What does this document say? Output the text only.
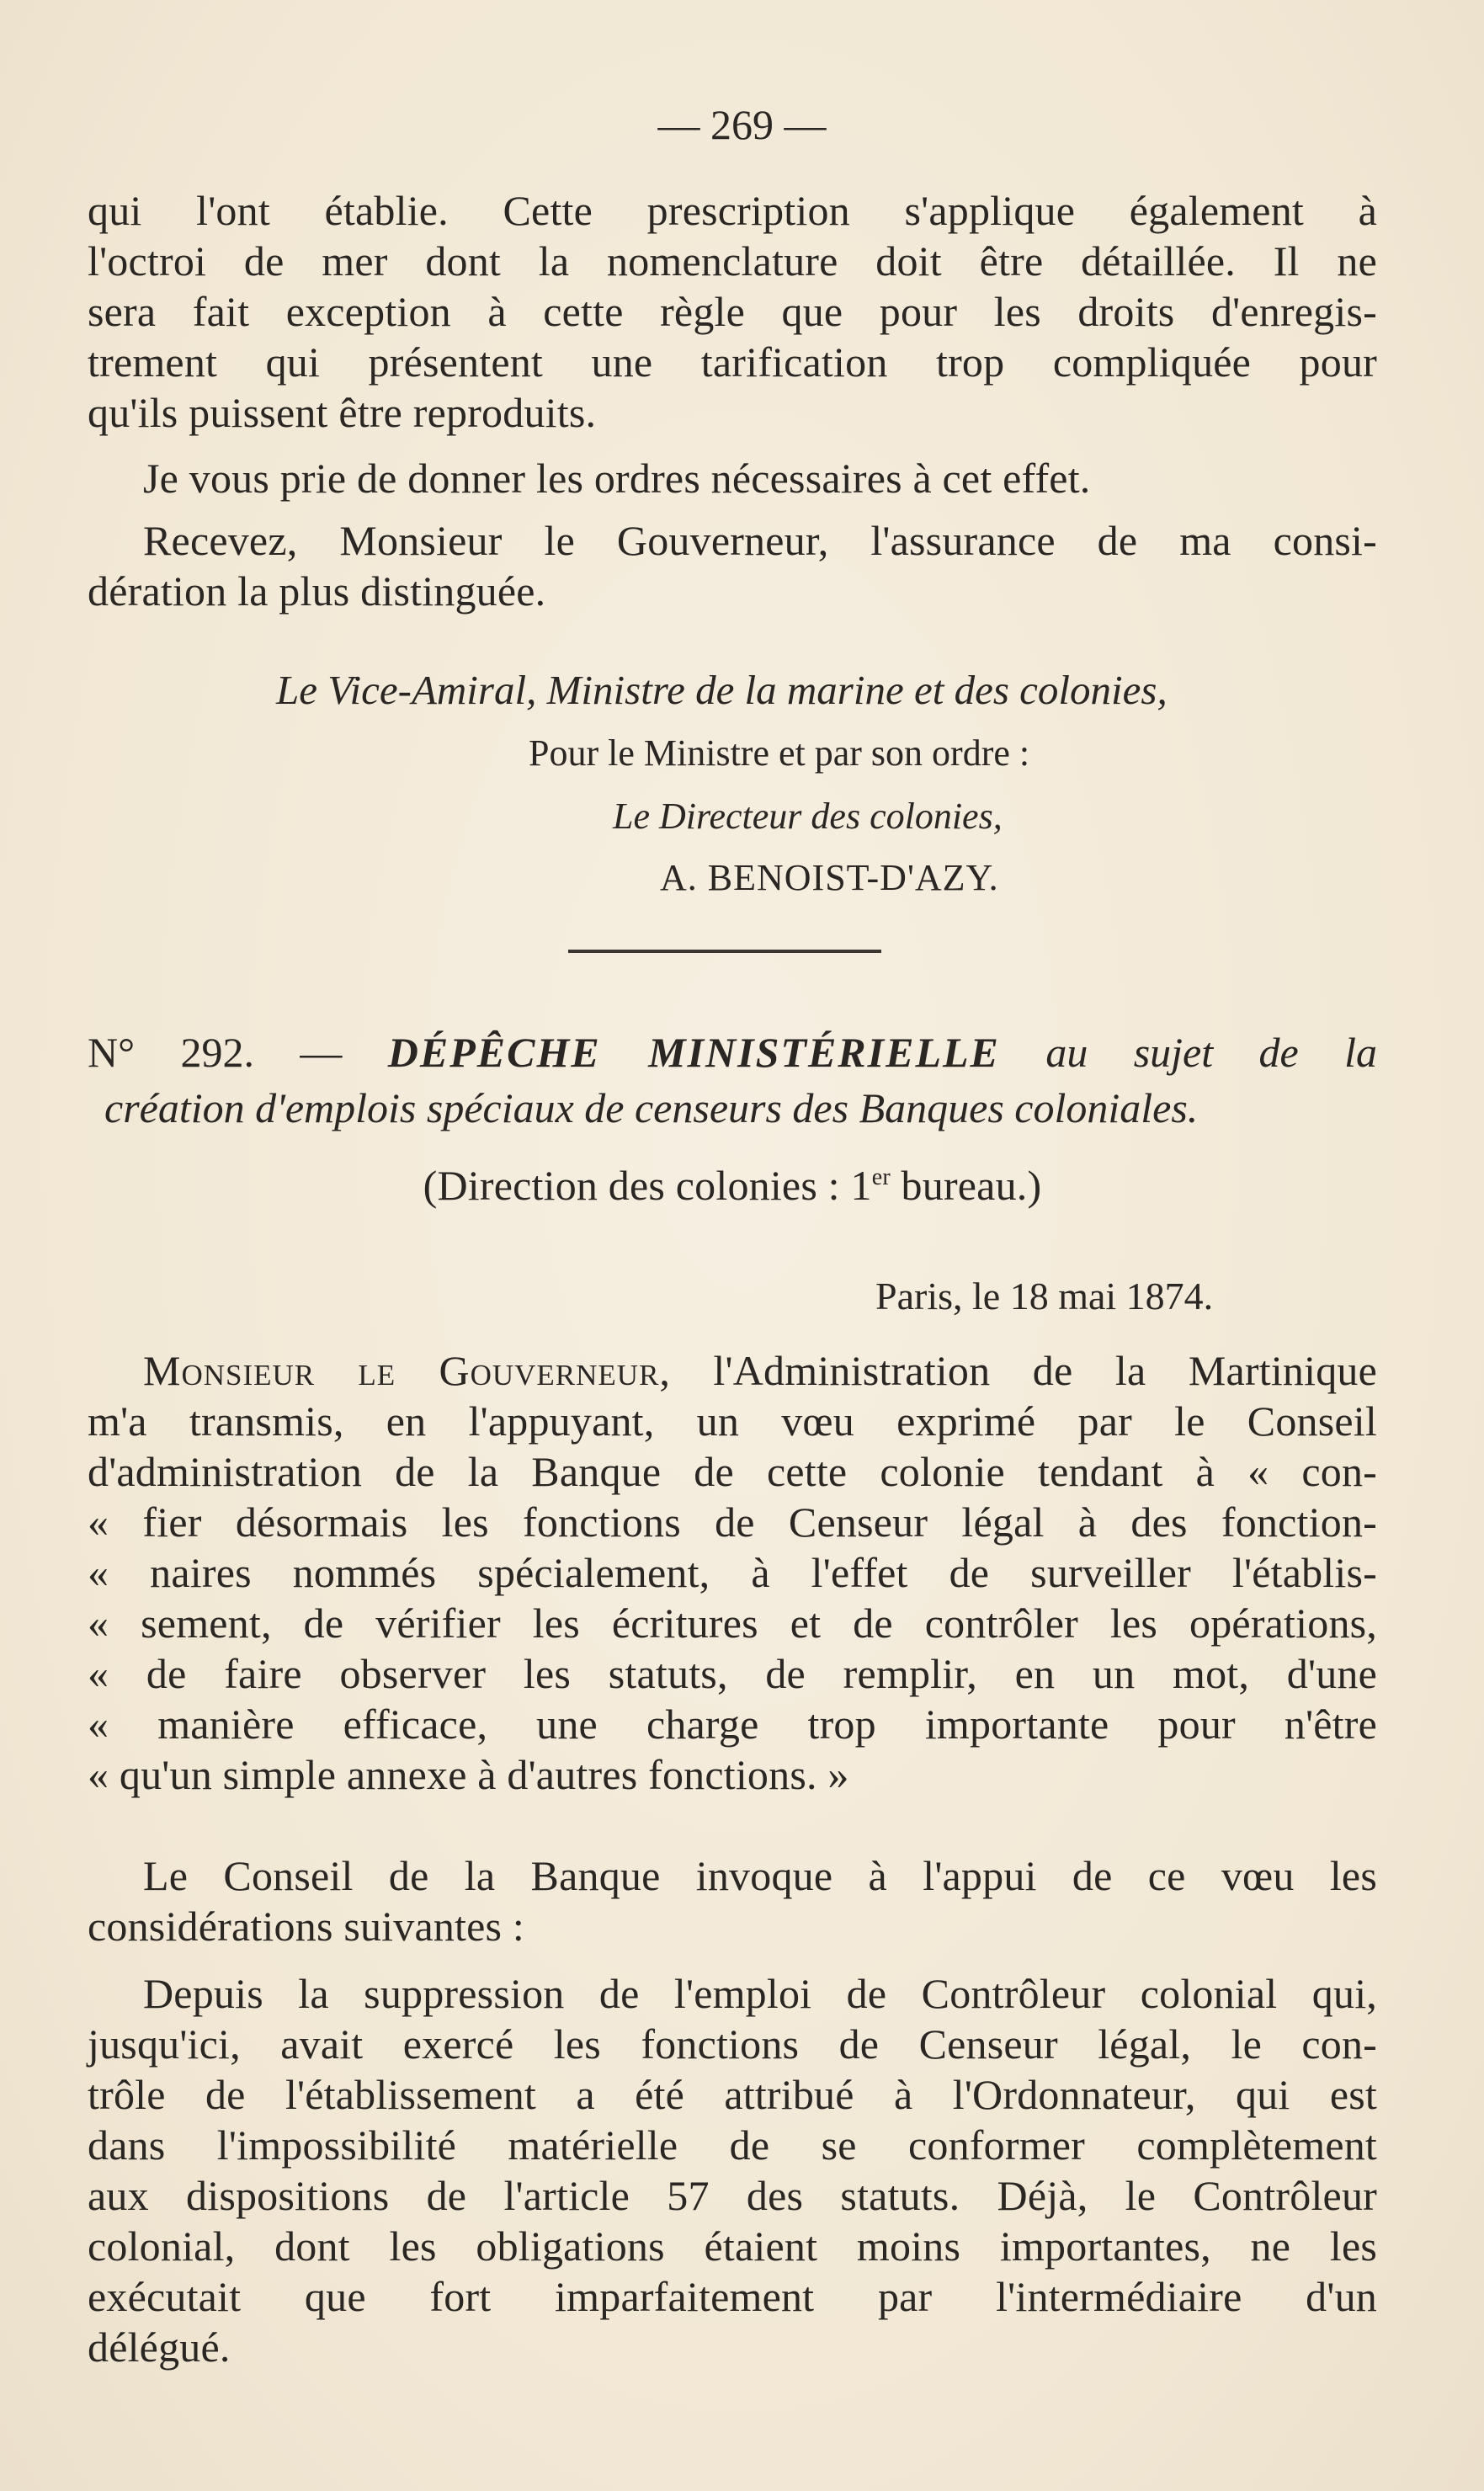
— 269 —
qui l'ont établie. Cette prescription s'applique également à
l'octroi de mer dont la nomenclature doit être détaillée. Il ne
sera fait exception à cette règle que pour les droits d'enregis-
trement qui présentent une tarification trop compliquée pour
qu'ils puissent être reproduits.
Je vous prie de donner les ordres nécessaires à cet effet.
Recevez, Monsieur le Gouverneur, l'assurance de ma consi-
dération la plus distinguée.
Le Vice-Amiral, Ministre de la marine et des colonies,
Pour le Ministre et par son ordre :
Le Directeur des colonies,
A. BENOIST-D'AZY.
N° 292. — DÉPÊCHE MINISTÉRIELLE au sujet de la
création d'emplois spéciaux de censeurs des Banques coloniales.
(Direction des colonies : 1er bureau.)
Paris, le 18 mai 1874.
Monsieur le Gouverneur, l'Administration de la Martinique
m'a transmis, en l'appuyant, un vœu exprimé par le Conseil
d'administration de la Banque de cette colonie tendant à « con-
« fier désormais les fonctions de Censeur légal à des fonction-
« naires nommés spécialement, à l'effet de surveiller l'établis-
« sement, de vérifier les écritures et de contrôler les opérations,
« de faire observer les statuts, de remplir, en un mot, d'une
« manière efficace, une charge trop importante pour n'être
« qu'un simple annexe à d'autres fonctions. »
Le Conseil de la Banque invoque à l'appui de ce vœu les
considérations suivantes :
Depuis la suppression de l'emploi de Contrôleur colonial qui,
jusqu'ici, avait exercé les fonctions de Censeur légal, le con-
trôle de l'établissement a été attribué à l'Ordonnateur, qui est
dans l'impossibilité matérielle de se conformer complètement
aux dispositions de l'article 57 des statuts. Déjà, le Contrôleur
colonial, dont les obligations étaient moins importantes, ne les
exécutait que fort imparfaitement par l'intermédiaire d'un
délégué.
